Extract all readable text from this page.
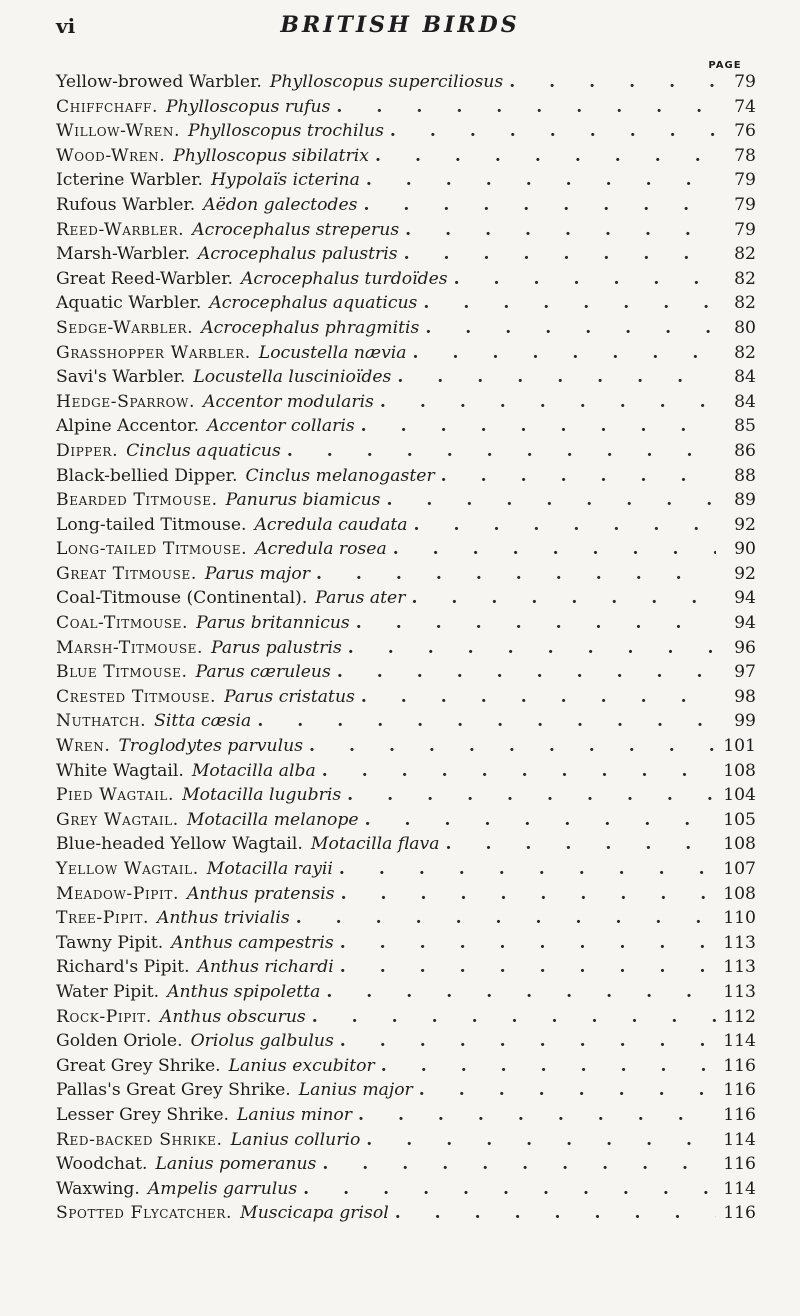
vi	BRITISH BIRDS
PAGE
Yellow-browed Warbler. Phylloscopus superciliosus . . .	79
Chiffchaff. Phylloscopus rufus . . .	74
Willow-Wren. Phylloscopus trochilus . . .	76
Wood-Wren. Phylloscopus sibilatrix . . .	78
Icterine Warbler. Hypolaïs icterina . . .	79
Rufous Warbler. Aëdon galectodes . . .	79
Reed-Warbler. Acrocephalus streperus . . .	79
Marsh-Warbler. Acrocephalus palustris . . .	82
Great Reed-Warbler. Acrocephalus turdoïdes . . .	82
Aquatic Warbler. Acrocephalus aquaticus . . .	82
Sedge-Warbler. Acrocephalus phragmitis . . .	80
Grasshopper Warbler. Locustella nævia . . .	82
Savi's Warbler. Locustella luscinioïdes . . .	84
Hedge-Sparrow. Accentor modularis . . .	84
Alpine Accentor. Accentor collaris . . .	85
Dipper. Cinclus aquaticus . . .	86
Black-bellied Dipper. Cinclus melanogaster . . .	88
Bearded Titmouse. Panurus biamicus . . .	89
Long-tailed Titmouse. Acredula caudata . . .	92
Long-tailed Titmouse. Acredula rosea . . .	90
Great Titmouse. Parus major . . .	92
Coal-Titmouse (Continental). Parus ater . . .	94
Coal-Titmouse. Parus britannicus . . .	94
Marsh-Titmouse. Parus palustris . . .	96
Blue Titmouse. Parus cæruleus . . .	97
Crested Titmouse. Parus cristatus . . .	98
Nuthatch. Sitta cæsia . . .	99
Wren. Troglodytes parvulus . . .	101
White Wagtail. Motacilla alba . . .	108
Pied Wagtail. Motacilla lugubris . . .	104
Grey Wagtail. Motacilla melanope . . .	105
Blue-headed Yellow Wagtail. Motacilla flava . . .	108
Yellow Wagtail. Motacilla rayii . . .	107
Meadow-Pipit. Anthus pratensis . . .	108
Tree-Pipit. Anthus trivialis . . .	110
Tawny Pipit. Anthus campestris . . .	113
Richard's Pipit. Anthus richardi . . .	113
Water Pipit. Anthus spipoletta . . .	113
Rock-Pipit. Anthus obscurus . . .	112
Golden Oriole. Oriolus galbulus . . .	114
Great Grey Shrike. Lanius excubitor . . .	116
Pallas's Great Grey Shrike. Lanius major . . .	116
Lesser Grey Shrike. Lanius minor . . .	116
Red-backed Shrike. Lanius collurio . . .	114
Woodchat. Lanius pomeranus . . .	116
Waxwing. Ampelis garrulus . . .	114
Spotted Flycatcher. Muscicapa grisol . . .	116
